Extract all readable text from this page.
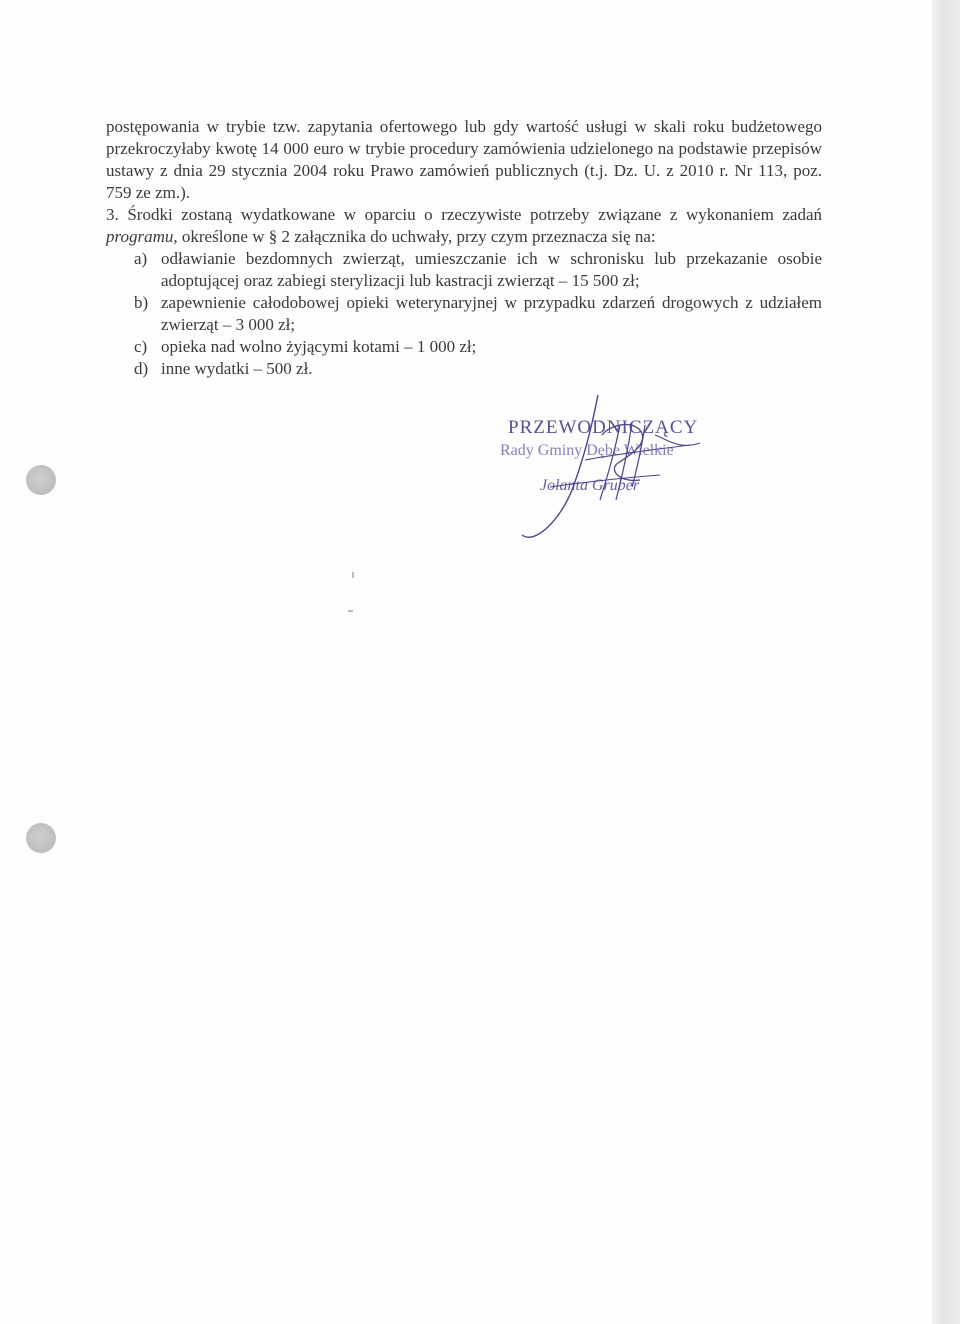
postępowania w trybie tzw. zapytania ofertowego lub gdy wartość usługi w skali roku budżetowego przekroczyłaby kwotę 14 000 euro w trybie procedury zamówienia udzielonego na podstawie przepisów ustawy z dnia 29 stycznia 2004 roku Prawo zamówień publicznych (t.j. Dz. U. z 2010 r. Nr 113, poz. 759 ze zm.).

3. Środki zostaną wydatkowane w oparciu o rzeczywiste potrzeby związane z wykonaniem zadań programu, określone w § 2 załącznika do uchwały, przy czym przeznacza się na:

a) odławianie bezdomnych zwierząt, umieszczanie ich w schronisku lub przekazanie osobie adoptującej oraz zabiegi sterylizacji lub kastracji zwierząt – 15 500 zł;
b) zapewnienie całodobowej opieki weterynaryjnej w przypadku zdarzeń drogowych z udziałem zwierząt – 3 000 zł;
c) opieka nad wolno żyjącymi kotami – 1 000 zł;
d) inne wydatki – 500 zł.
PRZEWODNICZĄCY
Rady Gminy Dębe Wielkie
Jolanta Gruber
